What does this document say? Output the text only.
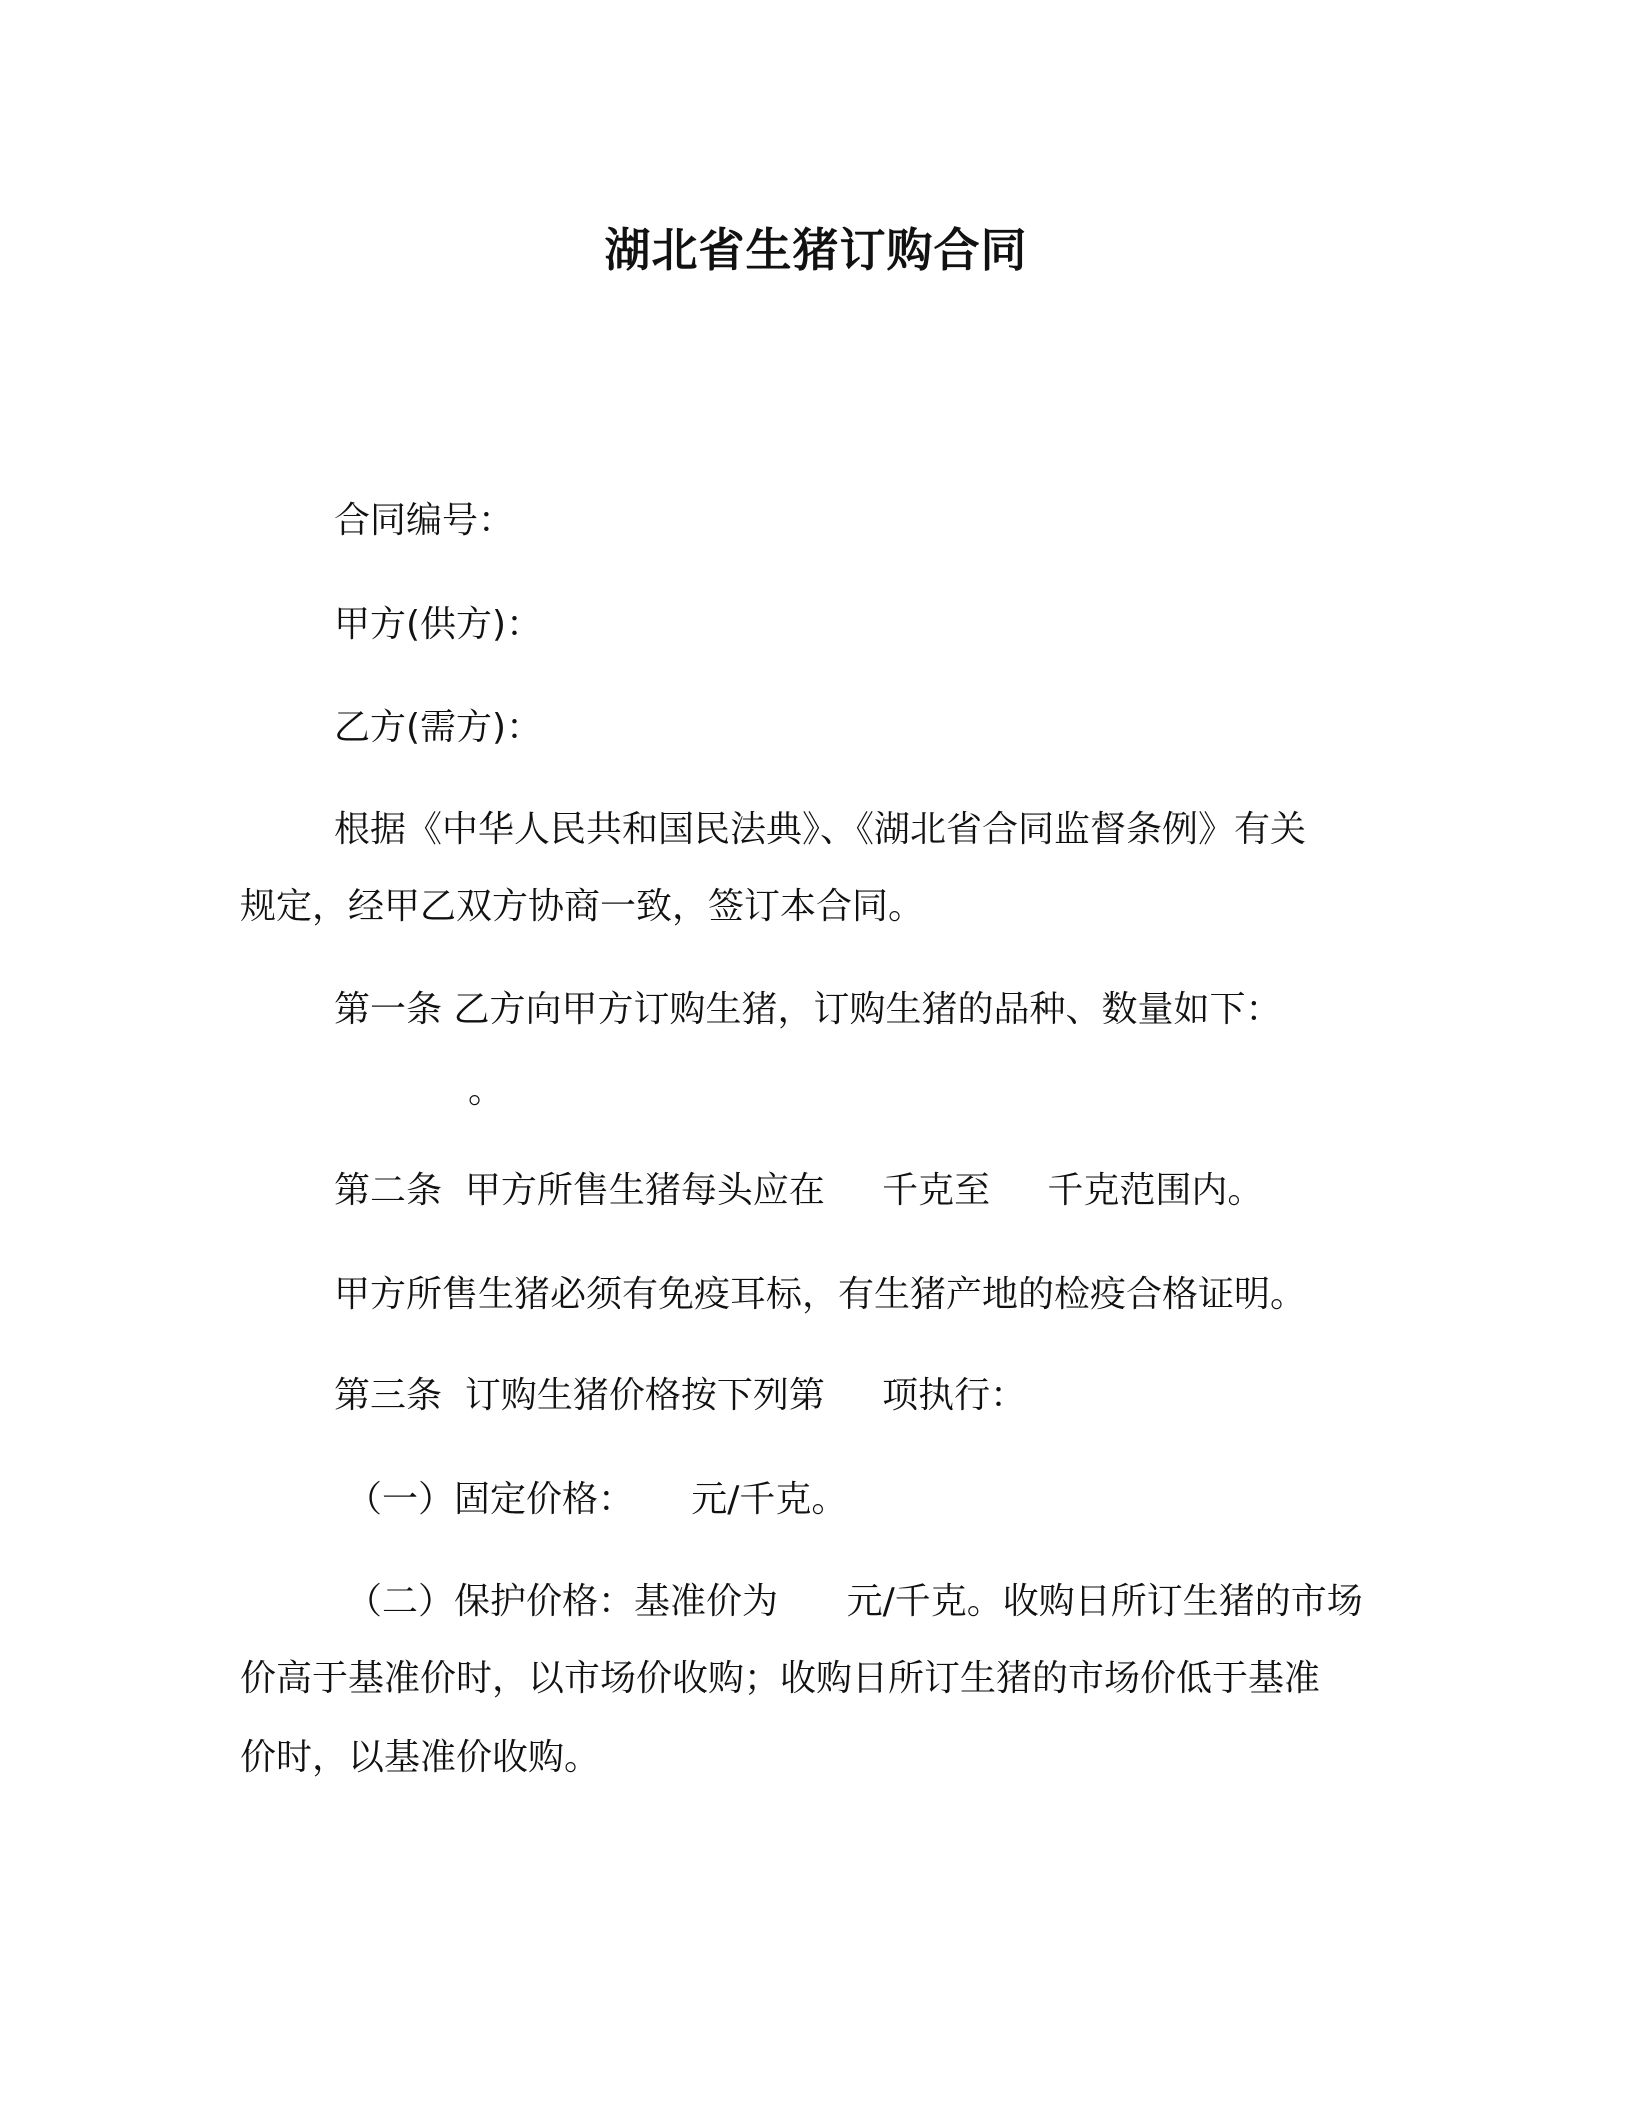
湖北省生猪订购合同
合同编号：
甲方(供方)：
乙方(需方)：
根据《中华人民共和国民法典》、《湖北省合同监督条例》有关
规定，经甲乙双方协商一致，签订本合同。
第一条 乙方向甲方订购生猪，订购生猪的品种、数量如下：
。
第二条  甲方所售生猪每头应在     千克至     千克范围内。
甲方所售生猪必须有免疫耳标，有生猪产地的检疫合格证明。
第三条  订购生猪价格按下列第     项执行：
（一）固定价格：     元/千克。
（二）保护价格：基准价为      元/千克。收购日所订生猪的市场
价高于基准价时，以市场价收购；收购日所订生猪的市场价低于基准
价时，以基准价收购。
